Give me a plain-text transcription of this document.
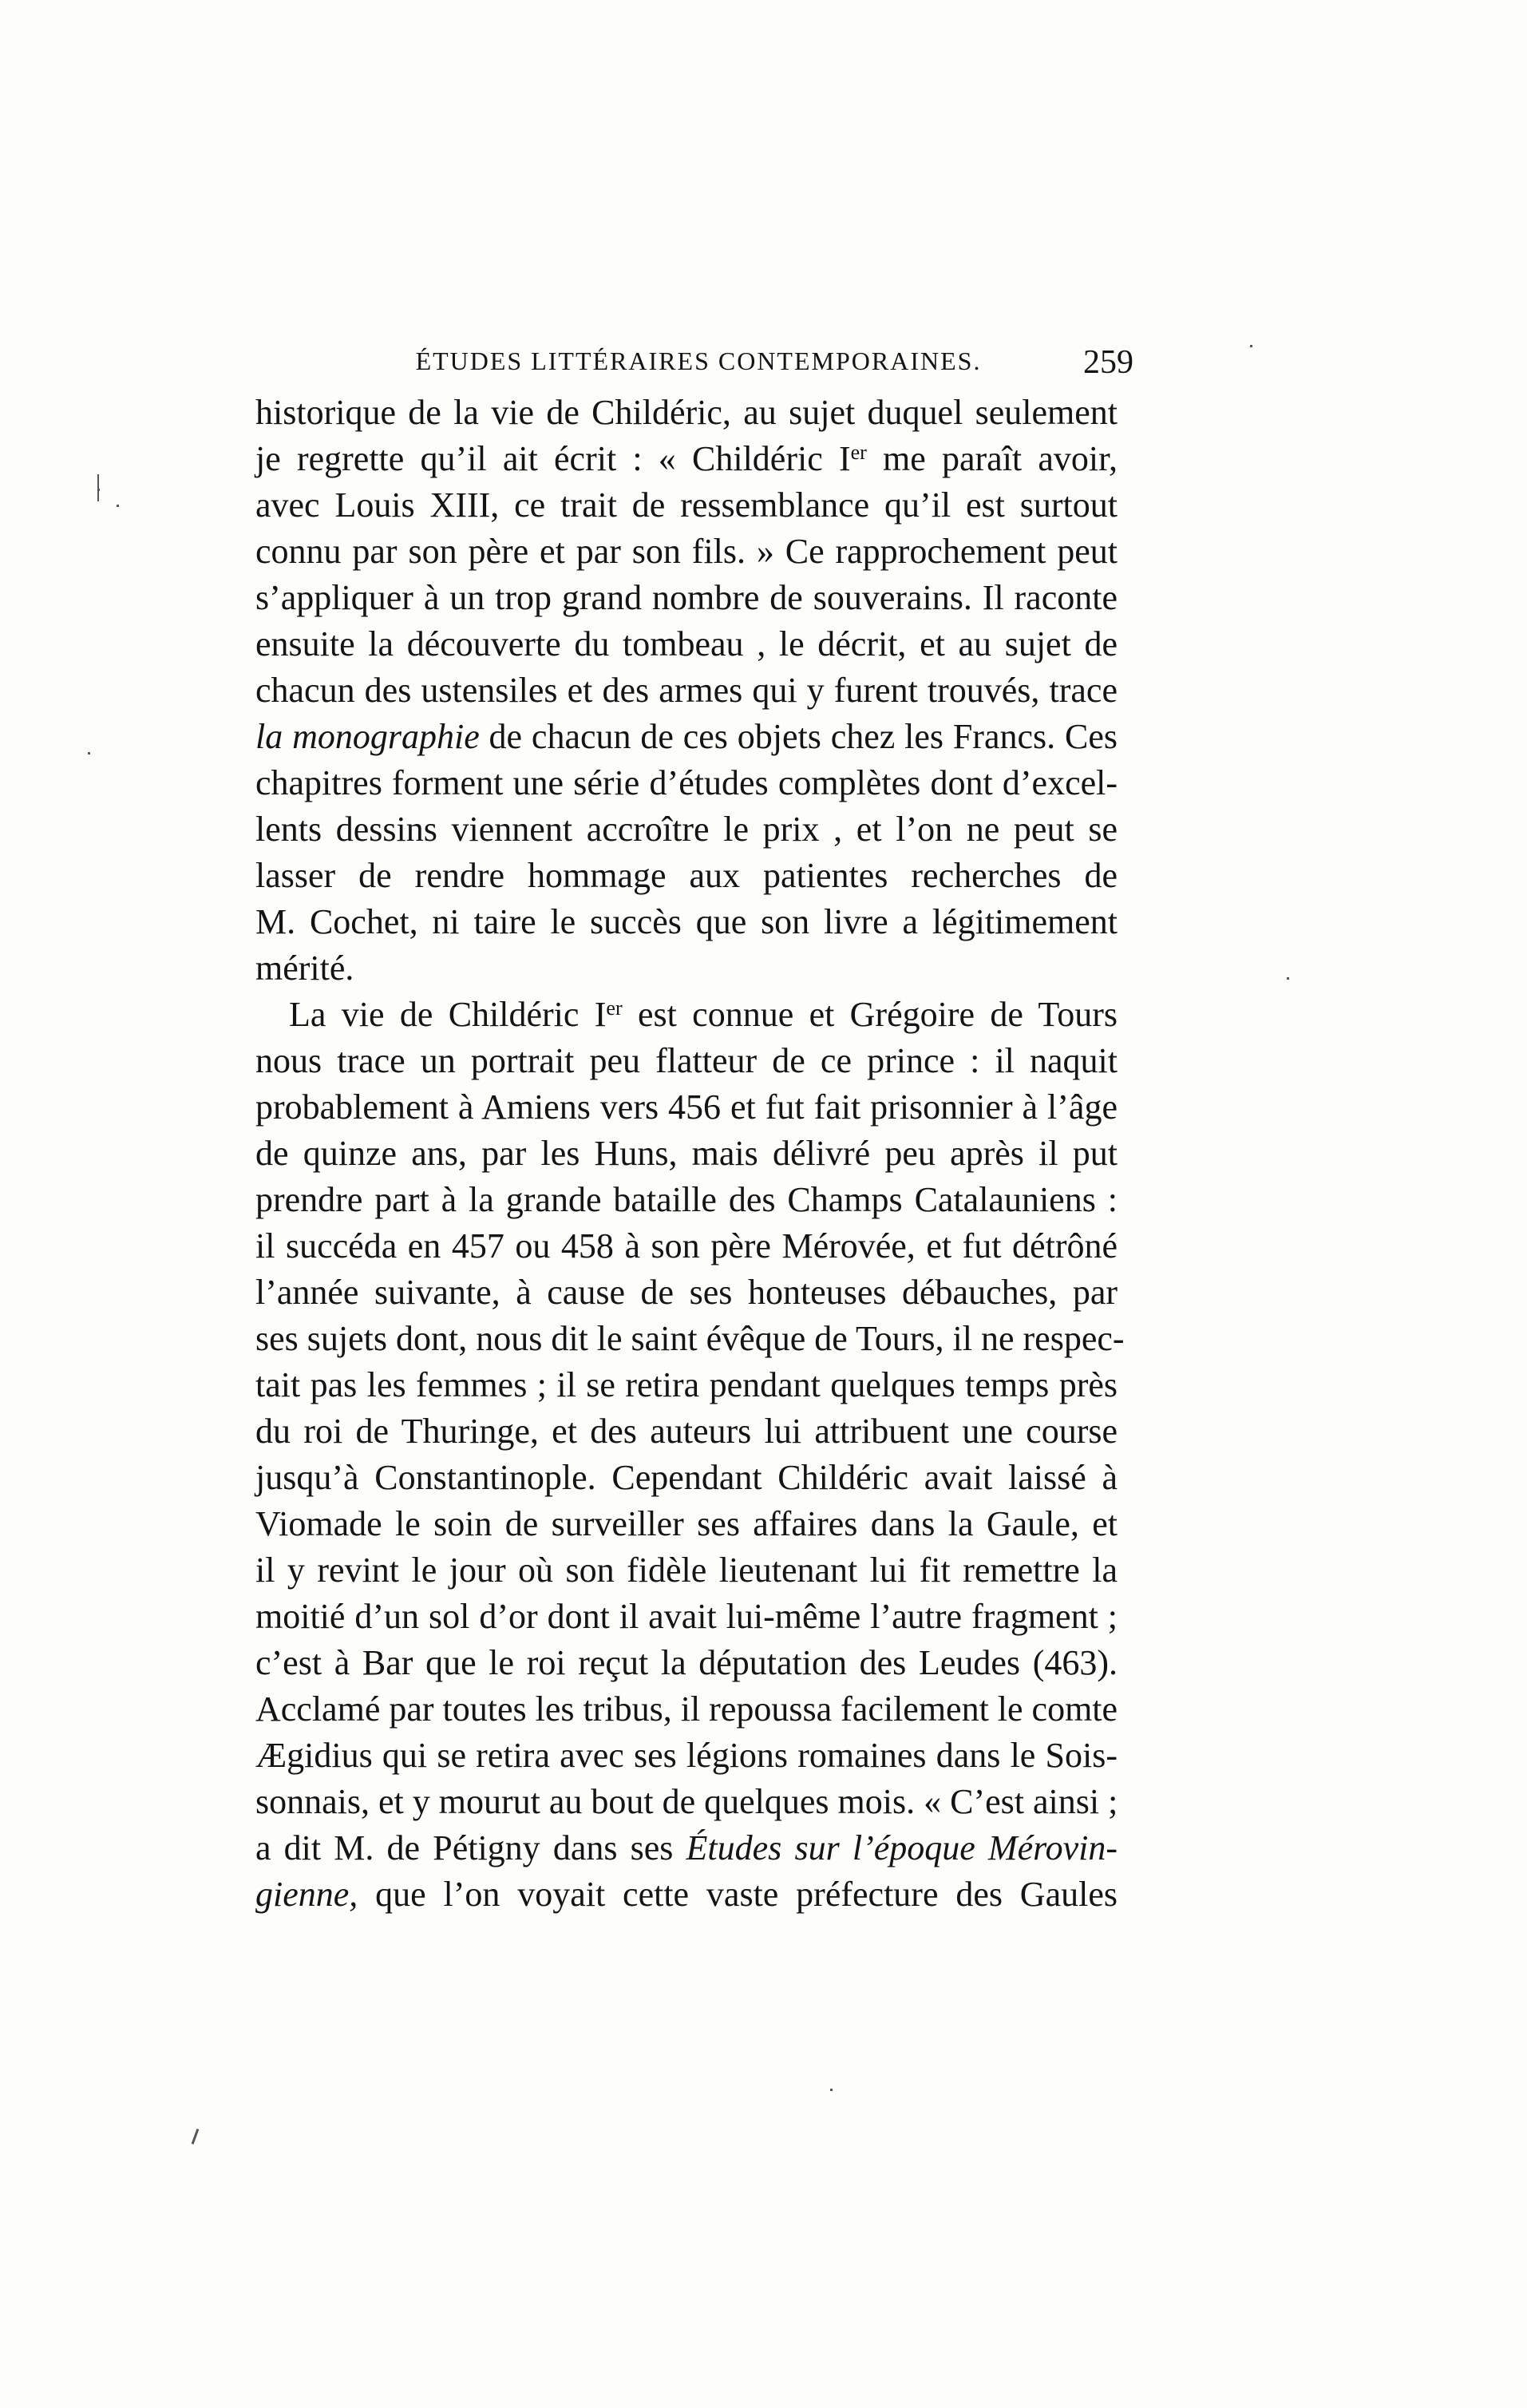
ÉTUDES LITTÉRAIRES CONTEMPORAINES.	259
historique de la vie de Childéric, au sujet duquel seulement
je regrette qu’il ait écrit : « Childéric Ier me paraît avoir,
avec Louis XIII, ce trait de ressemblance qu’il est surtout
connu par son père et par son fils. » Ce rapprochement peut
s’appliquer à un trop grand nombre de souverains. Il raconte
ensuite la découverte du tombeau , le décrit, et au sujet de
chacun des ustensiles et des armes qui y furent trouvés, trace
la monographie de chacun de ces objets chez les Francs. Ces
chapitres forment une série d’études complètes dont d’excel-
lents dessins viennent accroître le prix , et l’on ne peut se
lasser de rendre hommage aux patientes recherches de
M. Cochet, ni taire le succès que son livre a légitimement
mérité.
La vie de Childéric Ier est connue et Grégoire de Tours
nous trace un portrait peu flatteur de ce prince : il naquit
probablement à Amiens vers 456 et fut fait prisonnier à l’âge
de quinze ans, par les Huns, mais délivré peu après il put
prendre part à la grande bataille des Champs Catalauniens :
il succéda en 457 ou 458 à son père Mérovée, et fut détrôné
l’année suivante, à cause de ses honteuses débauches, par
ses sujets dont, nous dit le saint évêque de Tours, il ne respec-
tait pas les femmes ; il se retira pendant quelques temps près
du roi de Thuringe, et des auteurs lui attribuent une course
jusqu’à Constantinople. Cependant Childéric avait laissé à
Viomade le soin de surveiller ses affaires dans la Gaule, et
il y revint le jour où son fidèle lieutenant lui fit remettre la
moitié d’un sol d’or dont il avait lui-même l’autre fragment ;
c’est à Bar que le roi reçut la députation des Leudes (463).
Acclamé par toutes les tribus, il repoussa facilement le comte
Ægidius qui se retira avec ses légions romaines dans le Sois-
sonnais, et y mourut au bout de quelques mois. « C’est ainsi ;
a dit M. de Pétigny dans ses Études sur l’époque Mérovin-
gienne, que l’on voyait cette vaste préfecture des Gaules
